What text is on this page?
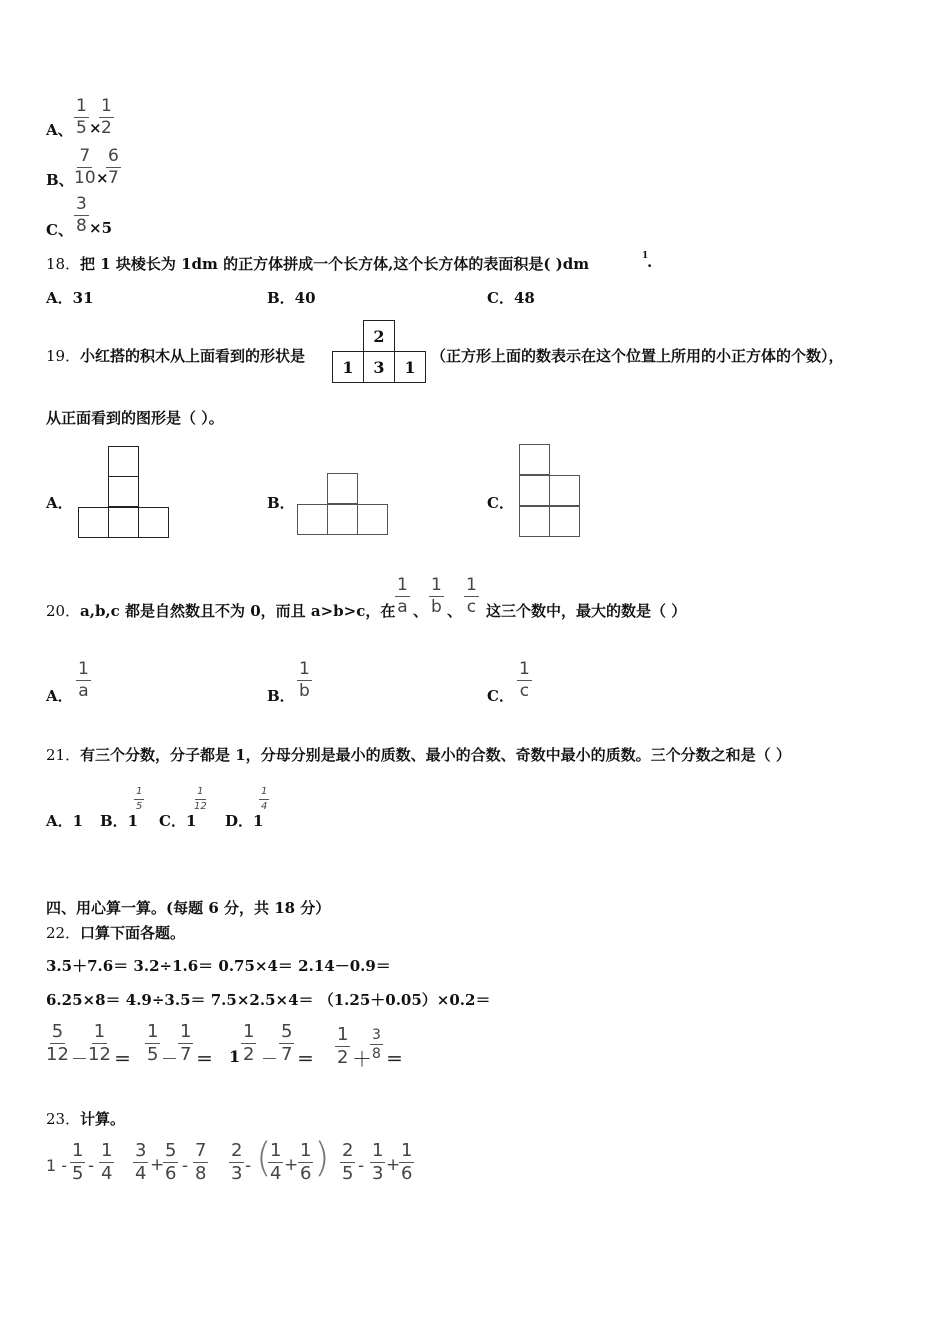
A、 $\frac{1}{5}$ ×
$\frac{1}{2}$
B、 $\frac{7}{10}$ ×
$\frac{6}{7}$
C、 $\frac{3}{8} \times 5$
18． 把 1 块棱长为 1dm 的正方体拼成一个长方体,这个长方体的表面积是( )dm	1
.
A．31	B．40	C．48
19． 小红搭的积木从上面看到的形状是
	2	
1	3	1
（正方形上面的数表示在这个位置上所用的小正方体的个数），
从正面看到的图形是（ ）。
A．	B．	C．
20． a,b,c 都是自然数且不为 0，而且 a>b>c，在 $\frac{1}{a}$ 、 $\frac{1}{b}$ 、 $\frac{1}{c}$ 这三个数中，最大的数是（ ）
A． $\frac{1}{a}$	B． $\frac{1}{b}$	C． $\frac{1}{c}$
21． 有三个分数，分子都是 1，分母分别是最小的质数、最小的合数、奇数中最小的质数。三个分数之和是（ ）
A．1 B．1
$\frac{1}{5}$
C．1
$\frac{1}{12}$
D．1
$\frac{1}{4}$
四、用心算一算。(每题 6 分，共 18 分）
22． 口算下面各题。
3.5＋7.6＝ 3.2÷1.6＝ 0.75×4＝ 2.14－0.9＝
6.25×8＝ 4.9÷3.5＝ 7.5×2.5×4＝ （1.25＋0.05）×0.2＝
$\frac{5}{12} - \frac{1}{12} = \frac{1}{5} - \frac{1}{7} = 1 \frac{1}{2} - \frac{5}{7} = \frac{1}{2}$ ＋
$\frac{3}{8}$ ＝
23． 计算。
$1 - \frac{1}{5} - \frac{1}{4} \frac{3}{4}$ +
$\frac{5}{6} - \frac{7}{8} \frac{2}{3}$ - (
$\frac{1}{4} + \frac{1}{6}$ ) $\frac{2}{5} - \frac{1}{3}$ +
$\frac{1}{6}$
